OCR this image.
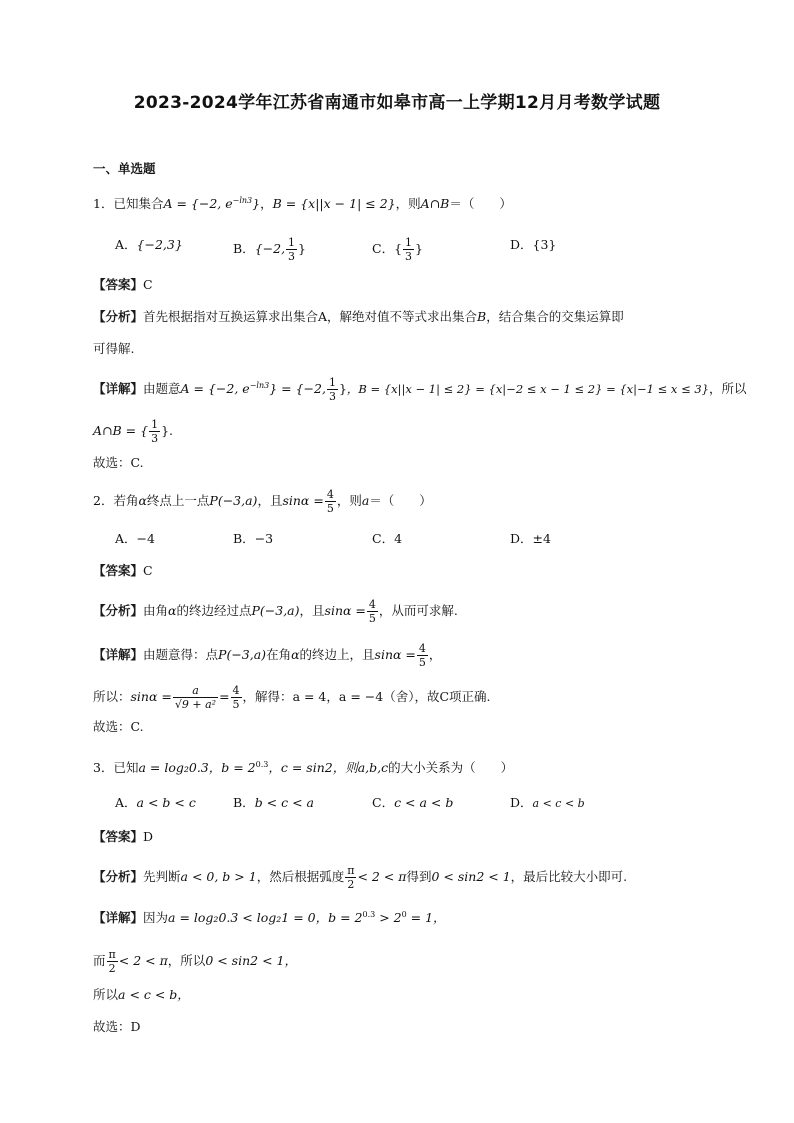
2023-2024学年江苏省南通市如皋市高一上学期12月月考数学试题
一、单选题
1．已知集合A = {−2, $e^{-ln3}$}，B = {x||x − 1| ≤ 2}，则A∩B＝（　　）
A．{−2,3}	B．{−2, $\frac{1}{3}$ }	C．{ $\frac{1}{3}$ }	D．{3}
【答案】C
【分析】首先根据指对互换运算求出集合A，解绝对值不等式求出集合B，结合集合的交集运算即
可得解.
【详解】由题意A = {−2, $e^{-ln3}\} = \{-2$, $\frac{1}{3}$ }，B = {x||x − 1| ≤ 2} = {x|−2 ≤ x − 1 ≤ 2} = {x|−1 ≤ x ≤ 3}，所以
A∩B = { $\frac{1}{3}$ }.
故选：C.
2．若角α终点上一点P(−3,a)，且$\sin\alpha = \frac{4}{5}$ ，则a＝（　　）
A．−4	B．−3	C．4	D．±4
【答案】C
【分析】由角α的终边经过点P(−3,a)，且$\sin\alpha = \frac{4}{5}$ ，从而可求解.
【详解】由题意得：点P(−3,a)在角α的终边上，且$\sin\alpha = \frac{4}{5}$ ，
所以：$\sin\alpha = \frac{a}{\text{√9 + a²}} = \frac{4}{5}$ ，解得：a = 4，a = −4（舍），故C项正确.
故选：C.
3．已知a = log₂0.3，$b = 2^{0.3}$，c = sin2，则a,b,c的大小关系为（　　）
A．a < b < c	B．b < c < a	C．c < a < b	D．a < c < b
【答案】D
【分析】先判断a < 0, b > 1，然后根据弧度 $\frac{\pi}{2} < 2 < \pi$得到0 < sin2 < 1，最后比较大小即可.
【详解】因为a = log₂0.3 < log₂1 = 0，$b = 2^{0.3} > 2^0 = 1$，
而 $\frac{\pi}{2} < 2 < \pi$，所以0 < sin2 < 1，
所以a < c < b，
故选：D
